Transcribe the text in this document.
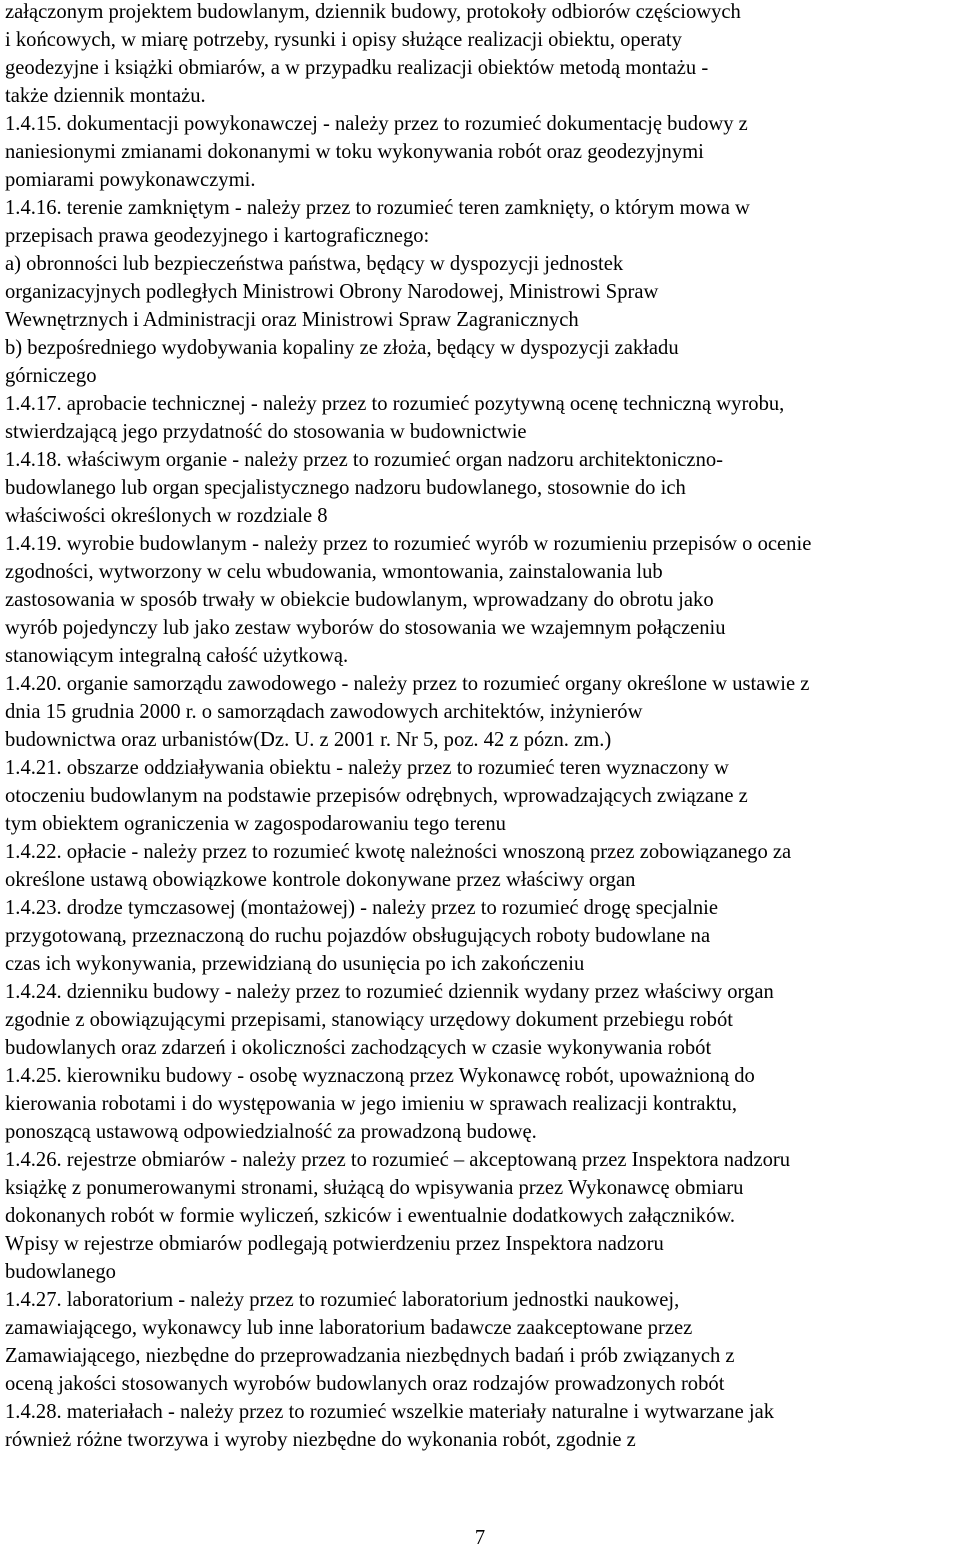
załączonym projektem budowlanym, dziennik budowy, protokoły odbiorów częściowych
i końcowych, w miarę potrzeby, rysunki i opisy służące realizacji obiektu, operaty
geodezyjne i książki obmiarów, a w przypadku realizacji obiektów metodą montażu -
także dziennik montażu.
1.4.15. dokumentacji powykonawczej - należy przez to rozumieć dokumentację budowy z
naniesionymi zmianami dokonanymi w toku wykonywania robót oraz geodezyjnymi
pomiarami powykonawczymi.
1.4.16. terenie zamkniętym - należy przez to rozumieć teren zamknięty, o którym mowa w
przepisach prawa geodezyjnego i kartograficznego:
a) obronności lub bezpieczeństwa państwa, będący w dyspozycji jednostek
organizacyjnych podległych Ministrowi Obrony Narodowej, Ministrowi Spraw
Wewnętrznych i Administracji oraz Ministrowi Spraw Zagranicznych
b) bezpośredniego wydobywania kopaliny ze złoża, będący w dyspozycji zakładu
górniczego
1.4.17. aprobacie technicznej - należy przez to rozumieć pozytywną ocenę techniczną wyrobu,
stwierdzającą jego przydatność do stosowania w budownictwie
1.4.18. właściwym organie - należy przez to rozumieć organ nadzoru architektoniczno-
budowlanego lub organ specjalistycznego nadzoru budowlanego, stosownie do ich
właściwości określonych w rozdziale 8
1.4.19. wyrobie budowlanym - należy przez to rozumieć wyrób w rozumieniu przepisów o ocenie
zgodności, wytworzony w celu wbudowania, wmontowania, zainstalowania lub
zastosowania w sposób trwały w obiekcie budowlanym, wprowadzany do obrotu jako
wyrób pojedynczy lub jako zestaw wyborów do stosowania we wzajemnym połączeniu
stanowiącym integralną całość użytkową.
1.4.20. organie samorządu zawodowego - należy przez to rozumieć organy określone w ustawie z
dnia 15 grudnia 2000 r. o samorządach zawodowych architektów, inżynierów
budownictwa oraz urbanistów(Dz. U. z 2001 r. Nr 5, poz. 42 z pózn. zm.)
1.4.21. obszarze oddziaływania obiektu - należy przez to rozumieć teren wyznaczony w
otoczeniu budowlanym na podstawie przepisów odrębnych, wprowadzających związane z
tym obiektem ograniczenia w zagospodarowaniu tego terenu
1.4.22. opłacie - należy przez to rozumieć kwotę należności wnoszoną przez zobowiązanego za
określone ustawą obowiązkowe kontrole dokonywane przez właściwy organ
1.4.23. drodze tymczasowej (montażowej) - należy przez to rozumieć drogę specjalnie
przygotowaną, przeznaczoną do ruchu pojazdów obsługujących roboty budowlane na
czas ich wykonywania, przewidzianą do usunięcia po ich zakończeniu
1.4.24. dzienniku budowy - należy przez to rozumieć dziennik wydany przez właściwy organ
zgodnie z obowiązującymi przepisami, stanowiący urzędowy dokument przebiegu robót
budowlanych oraz zdarzeń i okoliczności zachodzących w czasie wykonywania robót
1.4.25. kierowniku budowy - osobę wyznaczoną przez Wykonawcę robót, upoważnioną do
kierowania robotami i do występowania w jego imieniu w sprawach realizacji kontraktu,
ponoszącą ustawową odpowiedzialność za prowadzoną budowę.
1.4.26. rejestrze obmiarów - należy przez to rozumieć – akceptowaną przez Inspektora nadzoru
książkę z ponumerowanymi stronami, służącą do wpisywania przez Wykonawcę obmiaru
dokonanych robót w formie wyliczeń, szkiców i ewentualnie dodatkowych załączników.
Wpisy w rejestrze obmiarów podlegają potwierdzeniu przez Inspektora nadzoru
budowlanego
1.4.27. laboratorium - należy przez to rozumieć laboratorium jednostki naukowej,
zamawiającego, wykonawcy lub inne laboratorium badawcze zaakceptowane przez
Zamawiającego, niezbędne do przeprowadzania niezbędnych badań i prób związanych z
oceną jakości stosowanych wyrobów budowlanych oraz rodzajów prowadzonych robót
1.4.28. materiałach - należy przez to rozumieć wszelkie materiały naturalne i wytwarzane jak
również różne tworzywa i wyroby niezbędne do wykonania robót, zgodnie z
7
